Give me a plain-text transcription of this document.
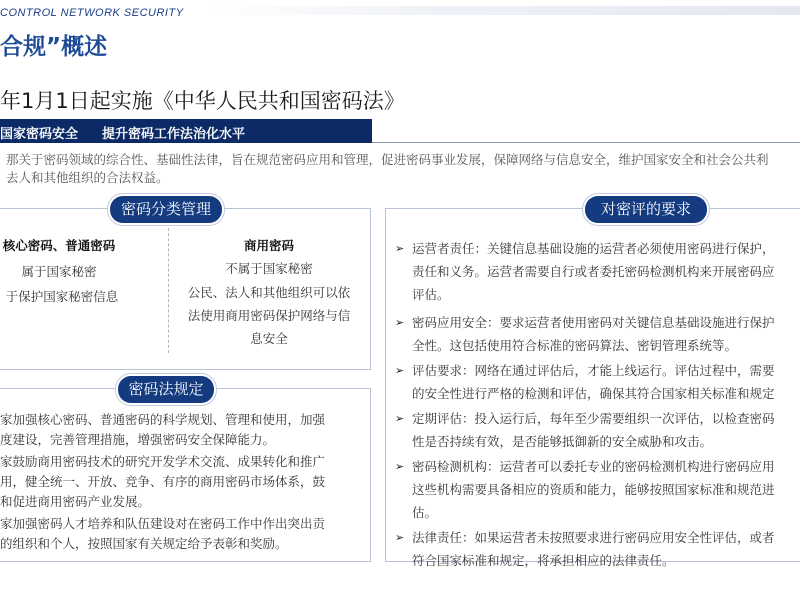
CONTROL NETWORK SECURITY
合规”概述
年1月1日起实施《中华人民共和国密码法》
国家密码安全 提升密码工作法治化水平
那关于密码领域的综合性、基础性法律，旨在规范密码应用和管理，促进密码事业发展，保障网络与信息安全，维护国家安全和社会公共利
去人和其他组织的合法权益。
密码分类管理
核心密码、普通密码
属于国家秘密
于保护国家秘密信息
商用密码
不属于国家秘密
公民、法人和其他组织可以依
法使用商用密码保护网络与信
息安全
密码法规定
家加强核心密码、普通密码的科学规划、管理和使用，加强
度建设，完善管理措施，增强密码安全保障能力。
家鼓励商用密码技术的研究开发学术交流、成果转化和推广
用，健全统一、开放、竞争、有序的商用密码市场体系，鼓
和促进商用密码产业发展。
家加强密码人才培养和队伍建设对在密码工作中作出突出贡
的组织和个人，按照国家有关规定给予表彰和奖励。
对密评的要求
➢ 运营者责任：关键信息基础设施的运营者必须使用密码进行保护，
责任和义务。运营者需要自行或者委托密码检测机构来开展密码应
评估。
➢ 密码应用安全：要求运营者使用密码对关键信息基础设施进行保护
全性。这包括使用符合标准的密码算法、密钥管理系统等。
➢ 评估要求：网络在通过评估后，才能上线运行。评估过程中，需要
的安全性进行严格的检测和评估，确保其符合国家相关标准和规定
➢ 定期评估：投入运行后，每年至少需要组织一次评估，以检查密码
性是否持续有效，是否能够抵御新的安全威胁和攻击。
➢ 密码检测机构：运营者可以委托专业的密码检测机构进行密码应用
这些机构需要具备相应的资质和能力，能够按照国家标准和规范进
估。
➢ 法律责任：如果运营者未按照要求进行密码应用安全性评估，或者
符合国家标准和规定，将承担相应的法律责任。
